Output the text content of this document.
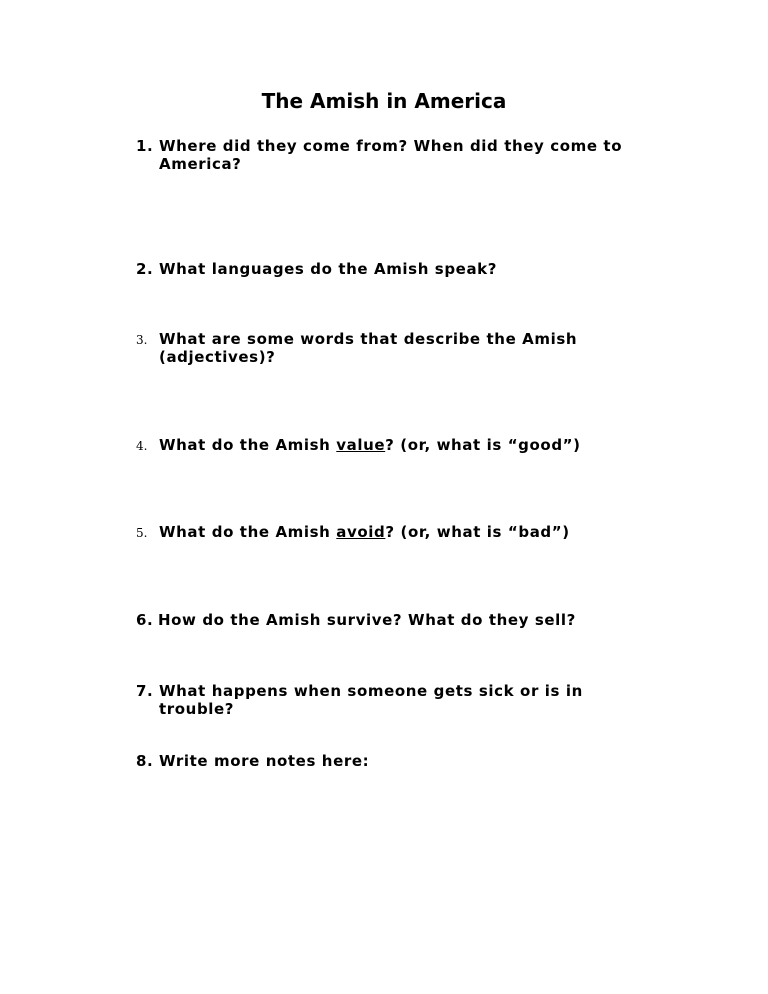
The Amish in America
1. Where did they come from? When did they come to America?
2. What languages do the Amish speak?
3. What are some words that describe the Amish (adjectives)?
4. What do the Amish value? (or, what is “good”)
5. What do the Amish avoid? (or, what is “bad”)
6. How do the Amish survive? What do they sell?
7. What happens when someone gets sick or is in trouble?
8. Write more notes here:
